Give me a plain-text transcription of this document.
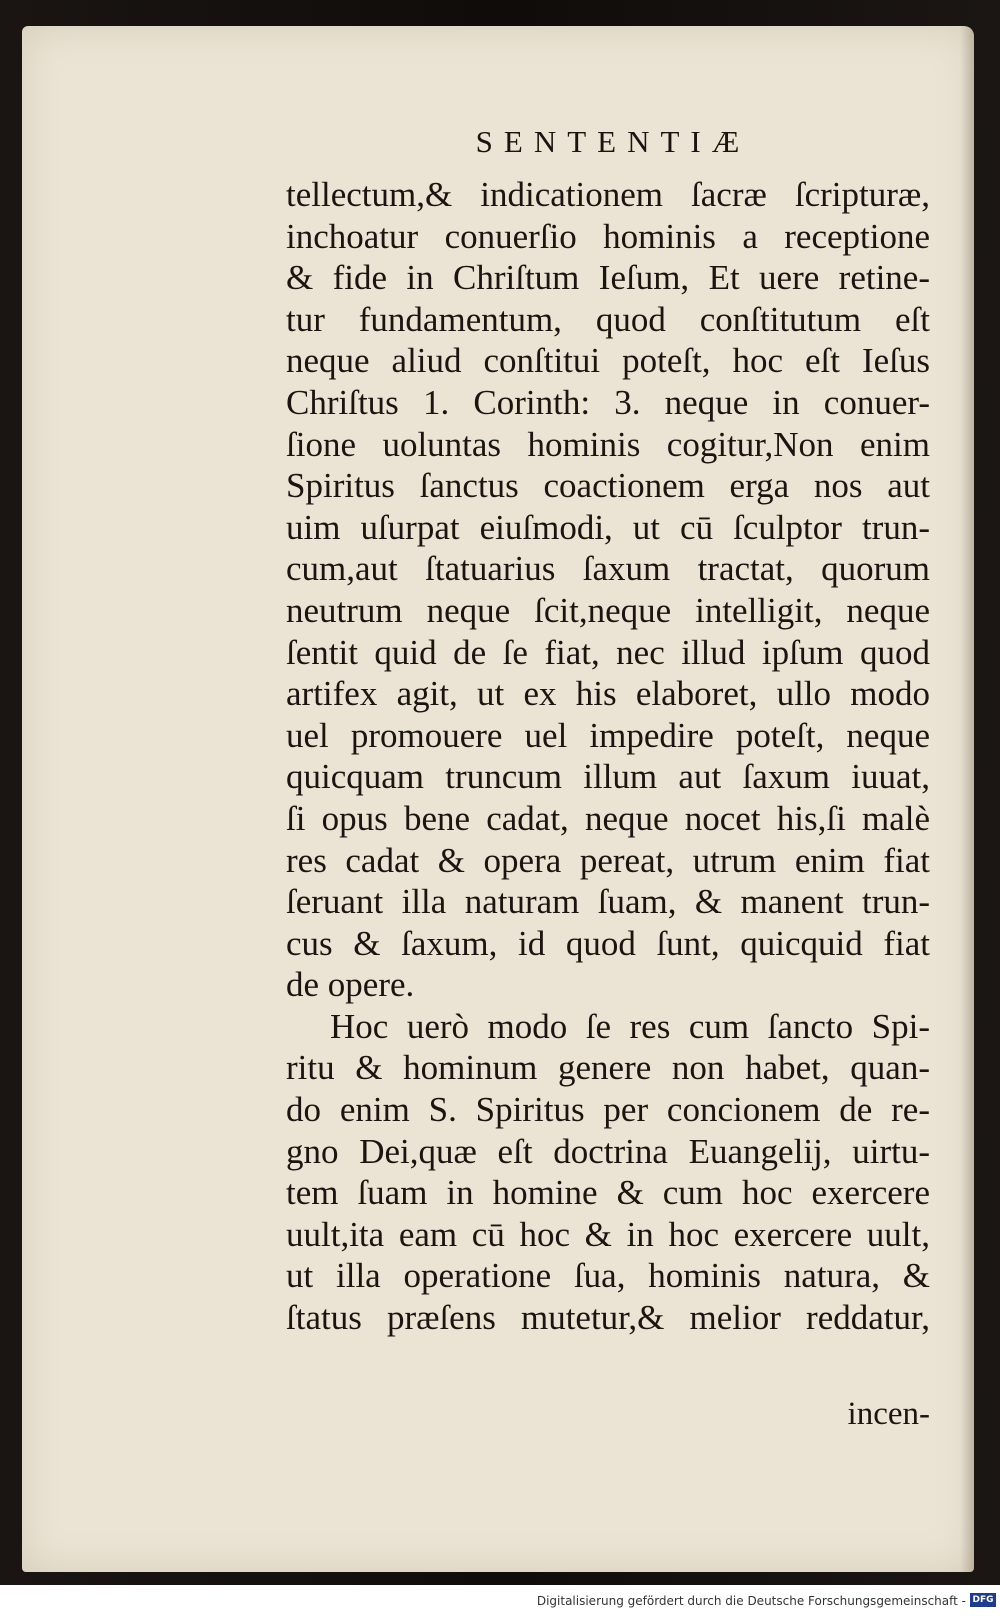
SENTENTIÆ
tellectum,& indicationem ſacræ ſcripturæ,
inchoatur conuerſio hominis a receptione
& fide in Chriſtum Ieſum, Et uere retine-
tur fundamentum, quod conſtitutum eſt
neque aliud conſtitui poteſt, hoc eſt Ieſus
Chriſtus 1. Corinth: 3. neque in conuer-
ſione uoluntas hominis cogitur,Non enim
Spiritus ſanctus coactionem erga nos aut
uim uſurpat eiuſmodi, ut cū ſculptor trun-
cum,aut ſtatuarius ſaxum tractat, quorum
neutrum neque ſcit,neque intelligit, neque
ſentit quid de ſe fiat, nec illud ipſum quod
artifex agit, ut ex his elaboret, ullo modo
uel promouere uel impedire poteſt, neque
quicquam truncum illum aut ſaxum iuuat,
ſi opus bene cadat, neque nocet his,ſi malè
res cadat & opera pereat, utrum enim fiat
ſeruant illa naturam ſuam, & manent trun-
cus & ſaxum, id quod ſunt, quicquid fiat
de opere.
Hoc uerò modo ſe res cum ſancto Spi-
ritu & hominum genere non habet, quan-
do enim S. Spiritus per concionem de re-
gno Dei,quæ eſt doctrina Euangelij, uirtu-
tem ſuam in homine & cum hoc exercere
uult,ita eam cū hoc & in hoc exercere uult,
ut illa operatione ſua, hominis natura, &
ſtatus præſens mutetur,& melior reddatur,
incen-
Digitalisierung gefördert durch die Deutsche Forschungsgemeinschaft - DFG
